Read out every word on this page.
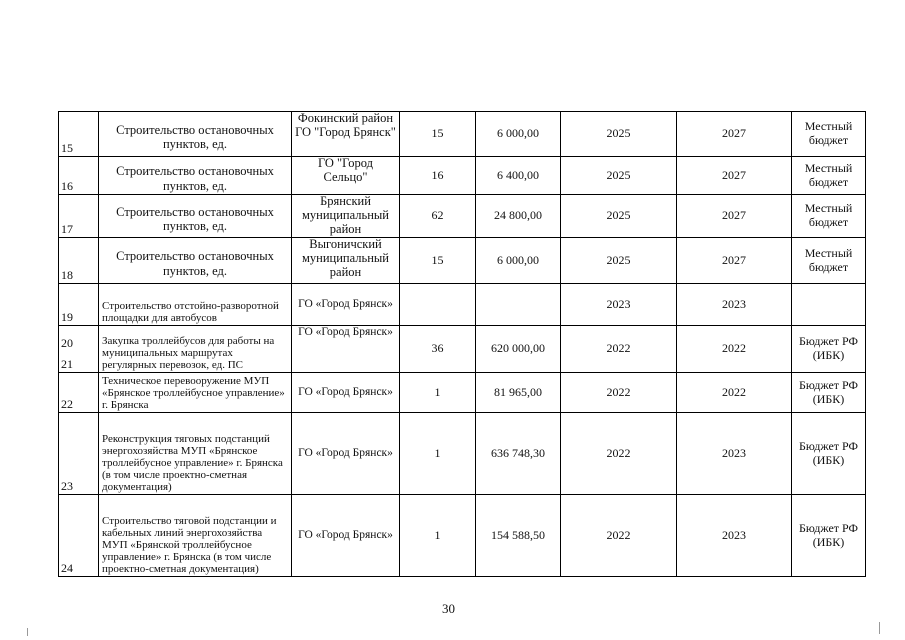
15	Строительство остановочных пунктов, ед.	Фокинский район ГО "Город Брянск"	15	6 000,00	2025	2027	Местный бюджет
16	Строительство остановочных пунктов, ед.	ГО "Город Сельцо"	16	6 400,00	2025	2027	Местный бюджет
17	Строительство остановочных пунктов, ед.	Брянский муниципальный район	62	24 800,00	2025	2027	Местный бюджет
18	Строительство остановочных пунктов, ед.	Выгоничский муниципальный район	15	6 000,00	2025	2027	Местный бюджет
19	Строительство отстойно-разворотной площадки для автобусов	ГО «Город Брянск»			2023	2023	

20
21	Закупка троллейбусов для работы на муниципальных маршрутах регулярных перевозок, ед. ПС	ГО «Город Брянск»	36	620 000,00	2022	2022	Бюджет РФ (ИБК)
22	Техническое перевооружение МУП «Брянское троллейбусное управление» г. Брянска	ГО «Город Брянск»	1	81 965,00	2022	2022	Бюджет РФ (ИБК)
23	Реконструкция тяговых подстанций энергохозяйства МУП «Брянское троллейбусное управление» г. Брянска (в том числе проектно-сметная документация)	ГО «Город Брянск»	1	636 748,30	2022	2023	Бюджет РФ (ИБК)
24	Строительство тяговой подстанции и кабельных линий энергохозяйства МУП «Брянской троллейбусное управление» г. Брянска (в том числе проектно-сметная документация)	ГО «Город Брянск»	1	154 588,50	2022	2023	Бюджет РФ (ИБК)
30
